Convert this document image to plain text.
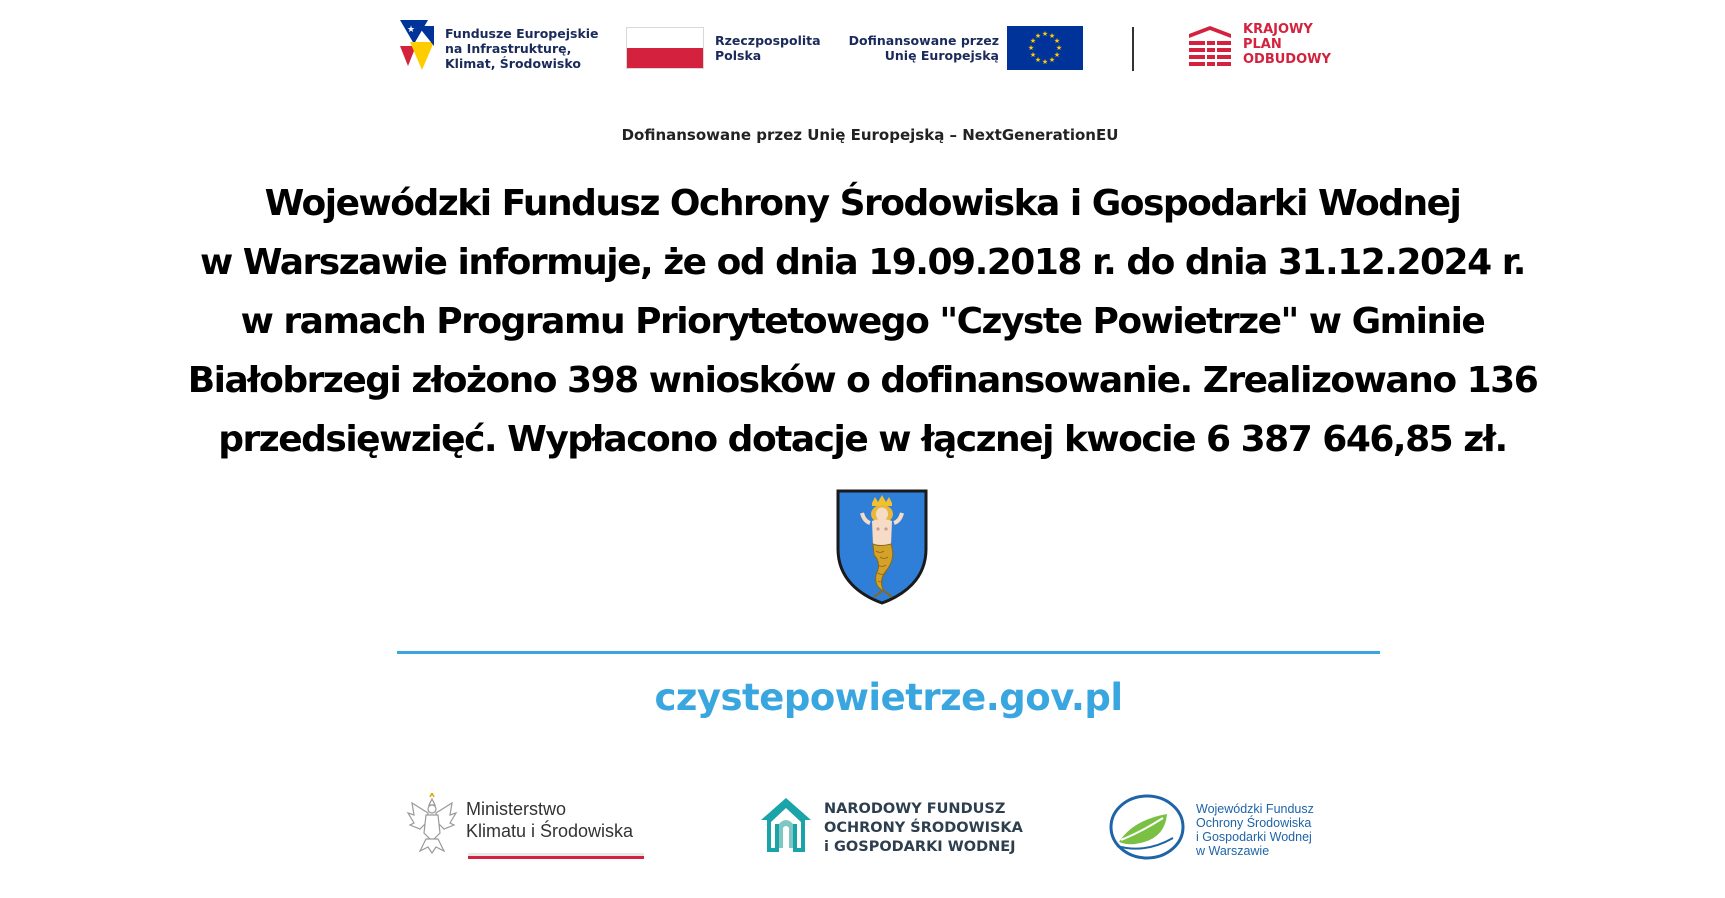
★ Fundusze Europejskie
na Infrastrukturę,
Klimat, Środowisko
Rzeczpospolita
Polska
Dofinansowane przez
Unię Europejską
★ ★
★
★
★
★
★
★
★
★
★
★	KRAJOWY
PLAN
ODBUDOWY
Dofinansowane przez Unię Europejską – NextGenerationEU
Wojewódzki Fundusz Ochrony Środowiska i Gospodarki Wodnej
w Warszawie informuje, że od dnia 19.09.2018 r. do dnia 31.12.2024 r.
w ramach Programu Priorytetowego "Czyste Powietrze" w Gminie
Białobrzegi złożono 398 wniosków o dofinansowanie. Zrealizowano 136
przedsięwzięć. Wypłacono dotacje w łącznej kwocie 6 387 646,85 zł.
czystepowietrze.gov.pl
Ministerstwo
Klimatu i Środowiska
NARODOWY FUNDUSZ
OCHRONY ŚRODOWISKA
i GOSPODARKI WODNEJ
Wojewódzki Fundusz
Ochrony Środowiska
i Gospodarki Wodnej
w Warszawie
